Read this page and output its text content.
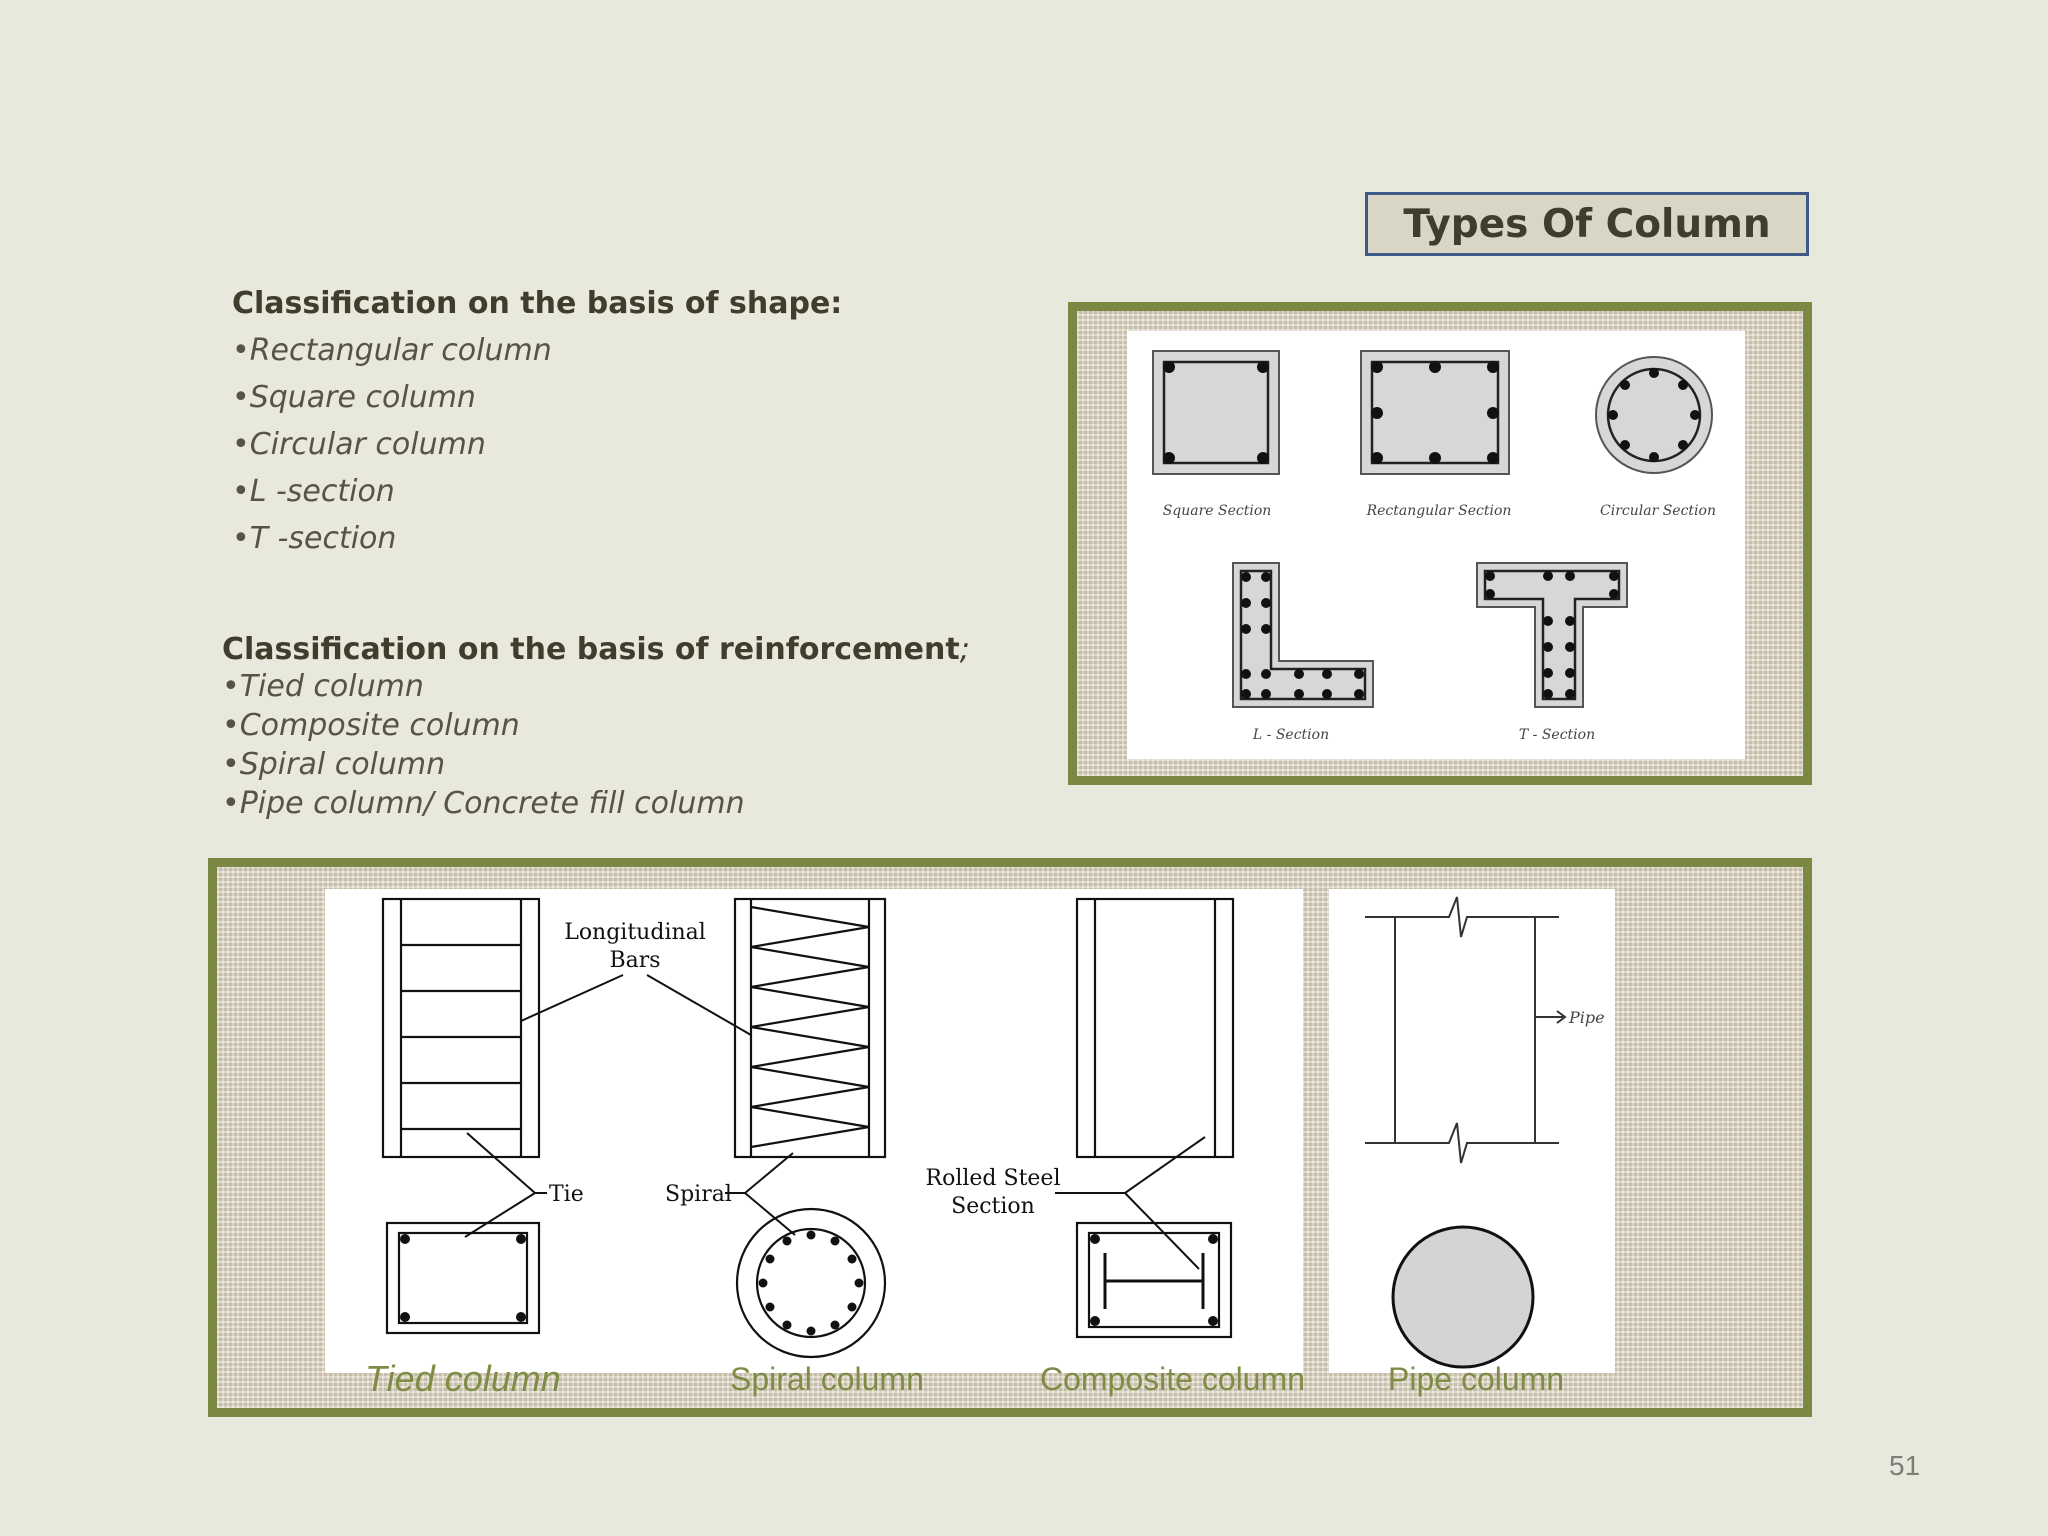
Types Of Column
Classification on the basis of shape:
•Rectangular column
•Square column
•Circular column
•L -section
•T -section
Classification on the basis of reinforcement;
•Tied column
•Composite column
•Spiral column
•Pipe column/ Concrete fill column
Square Section	Rectangular Section	Circular Section
L - Section	T - Section
Longitudinal
Bars
Tie	Spiral
Rolled Steel
Section
Pipe
Tied column	Spiral column	Composite column	Pipe column
51
